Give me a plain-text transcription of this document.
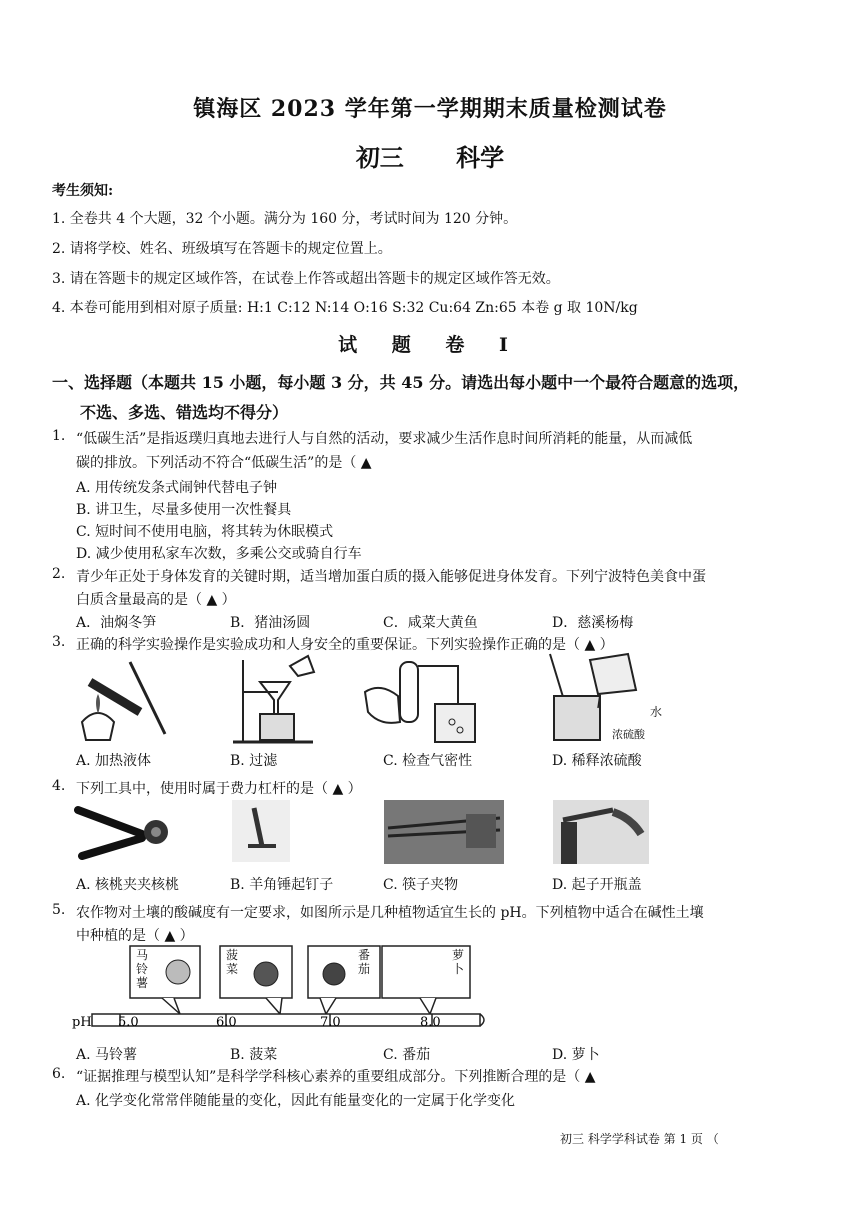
镇海区 2023 学年第一学期期末质量检测试卷
初三 科学
考生须知:
1. 全卷共 4 个大题，32 个小题。满分为 160 分，考试时间为 120 分钟。
2. 请将学校、姓名、班级填写在答题卡的规定位置上。
3. 请在答题卡的规定区域作答，在试卷上作答或超出答题卡的规定区域作答无效。
4. 本卷可能用到相对原子质量: H:1 C:12 N:14 O:16 S:32 Cu:64 Zn:65 本卷 g 取 10N/kg
试 题 卷 I
一、选择题（本题共 15 小题，每小题 3 分，共 45 分。请选出每小题中一个最符合题意的选项，
不选、多选、错选均不得分）
1. “低碳生活”是指返璞归真地去进行人与自然的活动，要求减少生活作息时间所消耗的能量，从而减低
碳的排放。下列活动不符合“低碳生活”的是（ ▲
A. 用传统发条式闹钟代替电子钟
B. 讲卫生，尽量多使用一次性餐具
C. 短时间不使用电脑，将其转为休眠模式
D. 减少使用私家车次数，多乘公交或骑自行车
2. 青少年正处于身体发育的关键时期，适当增加蛋白质的摄入能够促进身体发育。下列宁波特色美食中蛋
白质含量最高的是（ ▲ ）
A．油焖冬笋	B．猪油汤圆	C．咸菜大黄鱼	D．慈溪杨梅
3. 正确的科学实验操作是实验成功和人身安全的重要保证。下列实验操作正确的是（ ▲ ）
水
浓硫酸
A. 加热液体	B. 过滤	C. 检查气密性	D. 稀释浓硫酸
4. 下列工具中，使用时属于费力杠杆的是（ ▲ ）
A. 核桃夹夹核桃	B. 羊角锤起钉子	C. 筷子夹物	D. 起子开瓶盖
5. 农作物对土壤的酸碱度有一定要求，如图所示是几种植物适宜生长的 pH。下列植物中适合在碱性土壤
中种植的是（ ▲ ）
pH 5.0	6.0	7.0	8.0
马铃薯
菠菜
番茄
萝卜
A. 马铃薯	B. 菠菜	C. 番茄	D. 萝卜
6. “证据推理与模型认知”是科学学科核心素养的重要组成部分。下列推断合理的是（ ▲
A. 化学变化常常伴随能量的变化，因此有能量变化的一定属于化学变化
初三 科学学科试卷 第 1 页 （
